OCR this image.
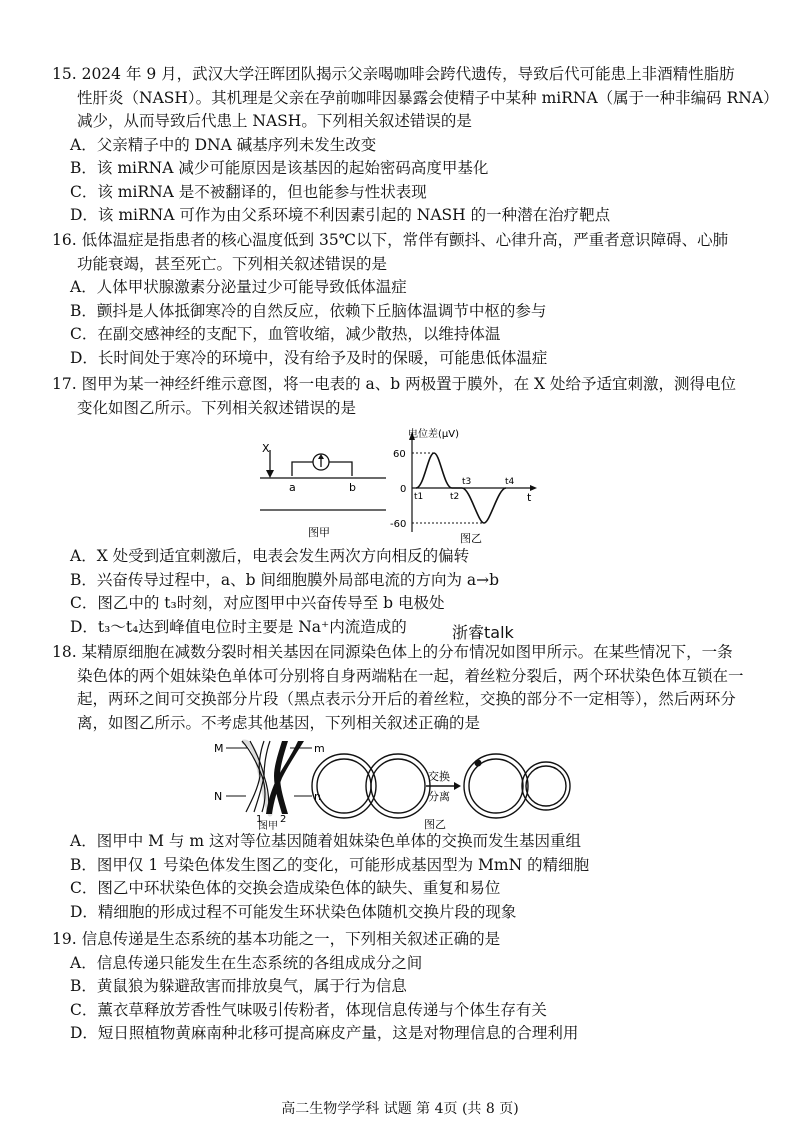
15. 2024 年 9 月，武汉大学汪晖团队揭示父亲喝咖啡会跨代遗传，导致后代可能患上非酒精性脂肪
性肝炎（NASH）。其机理是父亲在孕前咖啡因暴露会使精子中某种 miRNA（属于一种非编码 RNA）
减少，从而导致后代患上 NASH。下列相关叙述错误的是
A．父亲精子中的 DNA 碱基序列未发生改变
B．该 miRNA 减少可能原因是该基因的起始密码高度甲基化
C．该 miRNA 是不被翻译的，但也能参与性状表现
D．该 miRNA 可作为由父系环境不利因素引起的 NASH 的一种潜在治疗靶点
16. 低体温症是指患者的核心温度低到 35℃以下，常伴有颤抖、心律升高，严重者意识障碍、心肺
功能衰竭，甚至死亡。下列相关叙述错误的是
A．人体甲状腺激素分泌量过少可能导致低体温症
B．颤抖是人体抵御寒冷的自然反应，依赖下丘脑体温调节中枢的参与
C．在副交感神经的支配下，血管收缩，减少散热，以维持体温
D．长时间处于寒冷的环境中，没有给予及时的保暖，可能患低体温症
17. 图甲为某一神经纤维示意图，将一电表的 a、b 两极置于膜外，在 X 处给予适宜刺激，测得电位
变化如图乙所示。下列相关叙述错误的是
X
a	b
图甲
电位差(μV)
t
60
0
-60
t1	t2
t3	t4
图乙
A．X 处受到适宜刺激后，电表会发生两次方向相反的偏转
B．兴奋传导过程中，a、b 间细胞膜外局部电流的方向为 a→b
C．图乙中的 t₃时刻，对应图甲中兴奋传导至 b 电极处
D．t₃～t₄达到峰值电位时主要是 Na⁺内流造成的	浙睿talk
18. 某精原细胞在减数分裂时相关基因在同源染色体上的分布情况如图甲所示。在某些情况下，一条
染色体的两个姐妹染色单体可分别将自身两端粘在一起，着丝粒分裂后，两个环状染色体互锁在一
起，两环之间可交换部分片段（黑点表示分开后的着丝粒，交换的部分不一定相等），然后两环分
离，如图乙所示。不考虑其他基因，下列相关叙述正确的是
M
N
m
n
1 2
图甲
交换
分离
图乙
A．图甲中 M 与 m 这对等位基因随着姐妹染色单体的交换而发生基因重组
B．图甲仅 1 号染色体发生图乙的变化，可能形成基因型为 MmN 的精细胞
C．图乙中环状染色体的交换会造成染色体的缺失、重复和易位
D．精细胞的形成过程不可能发生环状染色体随机交换片段的现象
19. 信息传递是生态系统的基本功能之一，下列相关叙述正确的是
A．信息传递只能发生在生态系统的各组成成分之间
B．黄鼠狼为躲避敌害而排放臭气，属于行为信息
C．薰衣草释放芳香性气味吸引传粉者，体现信息传递与个体生存有关
D．短日照植物黄麻南种北移可提高麻皮产量，这是对物理信息的合理利用
高二生物学学科 试题 第 4页 (共 8 页)
